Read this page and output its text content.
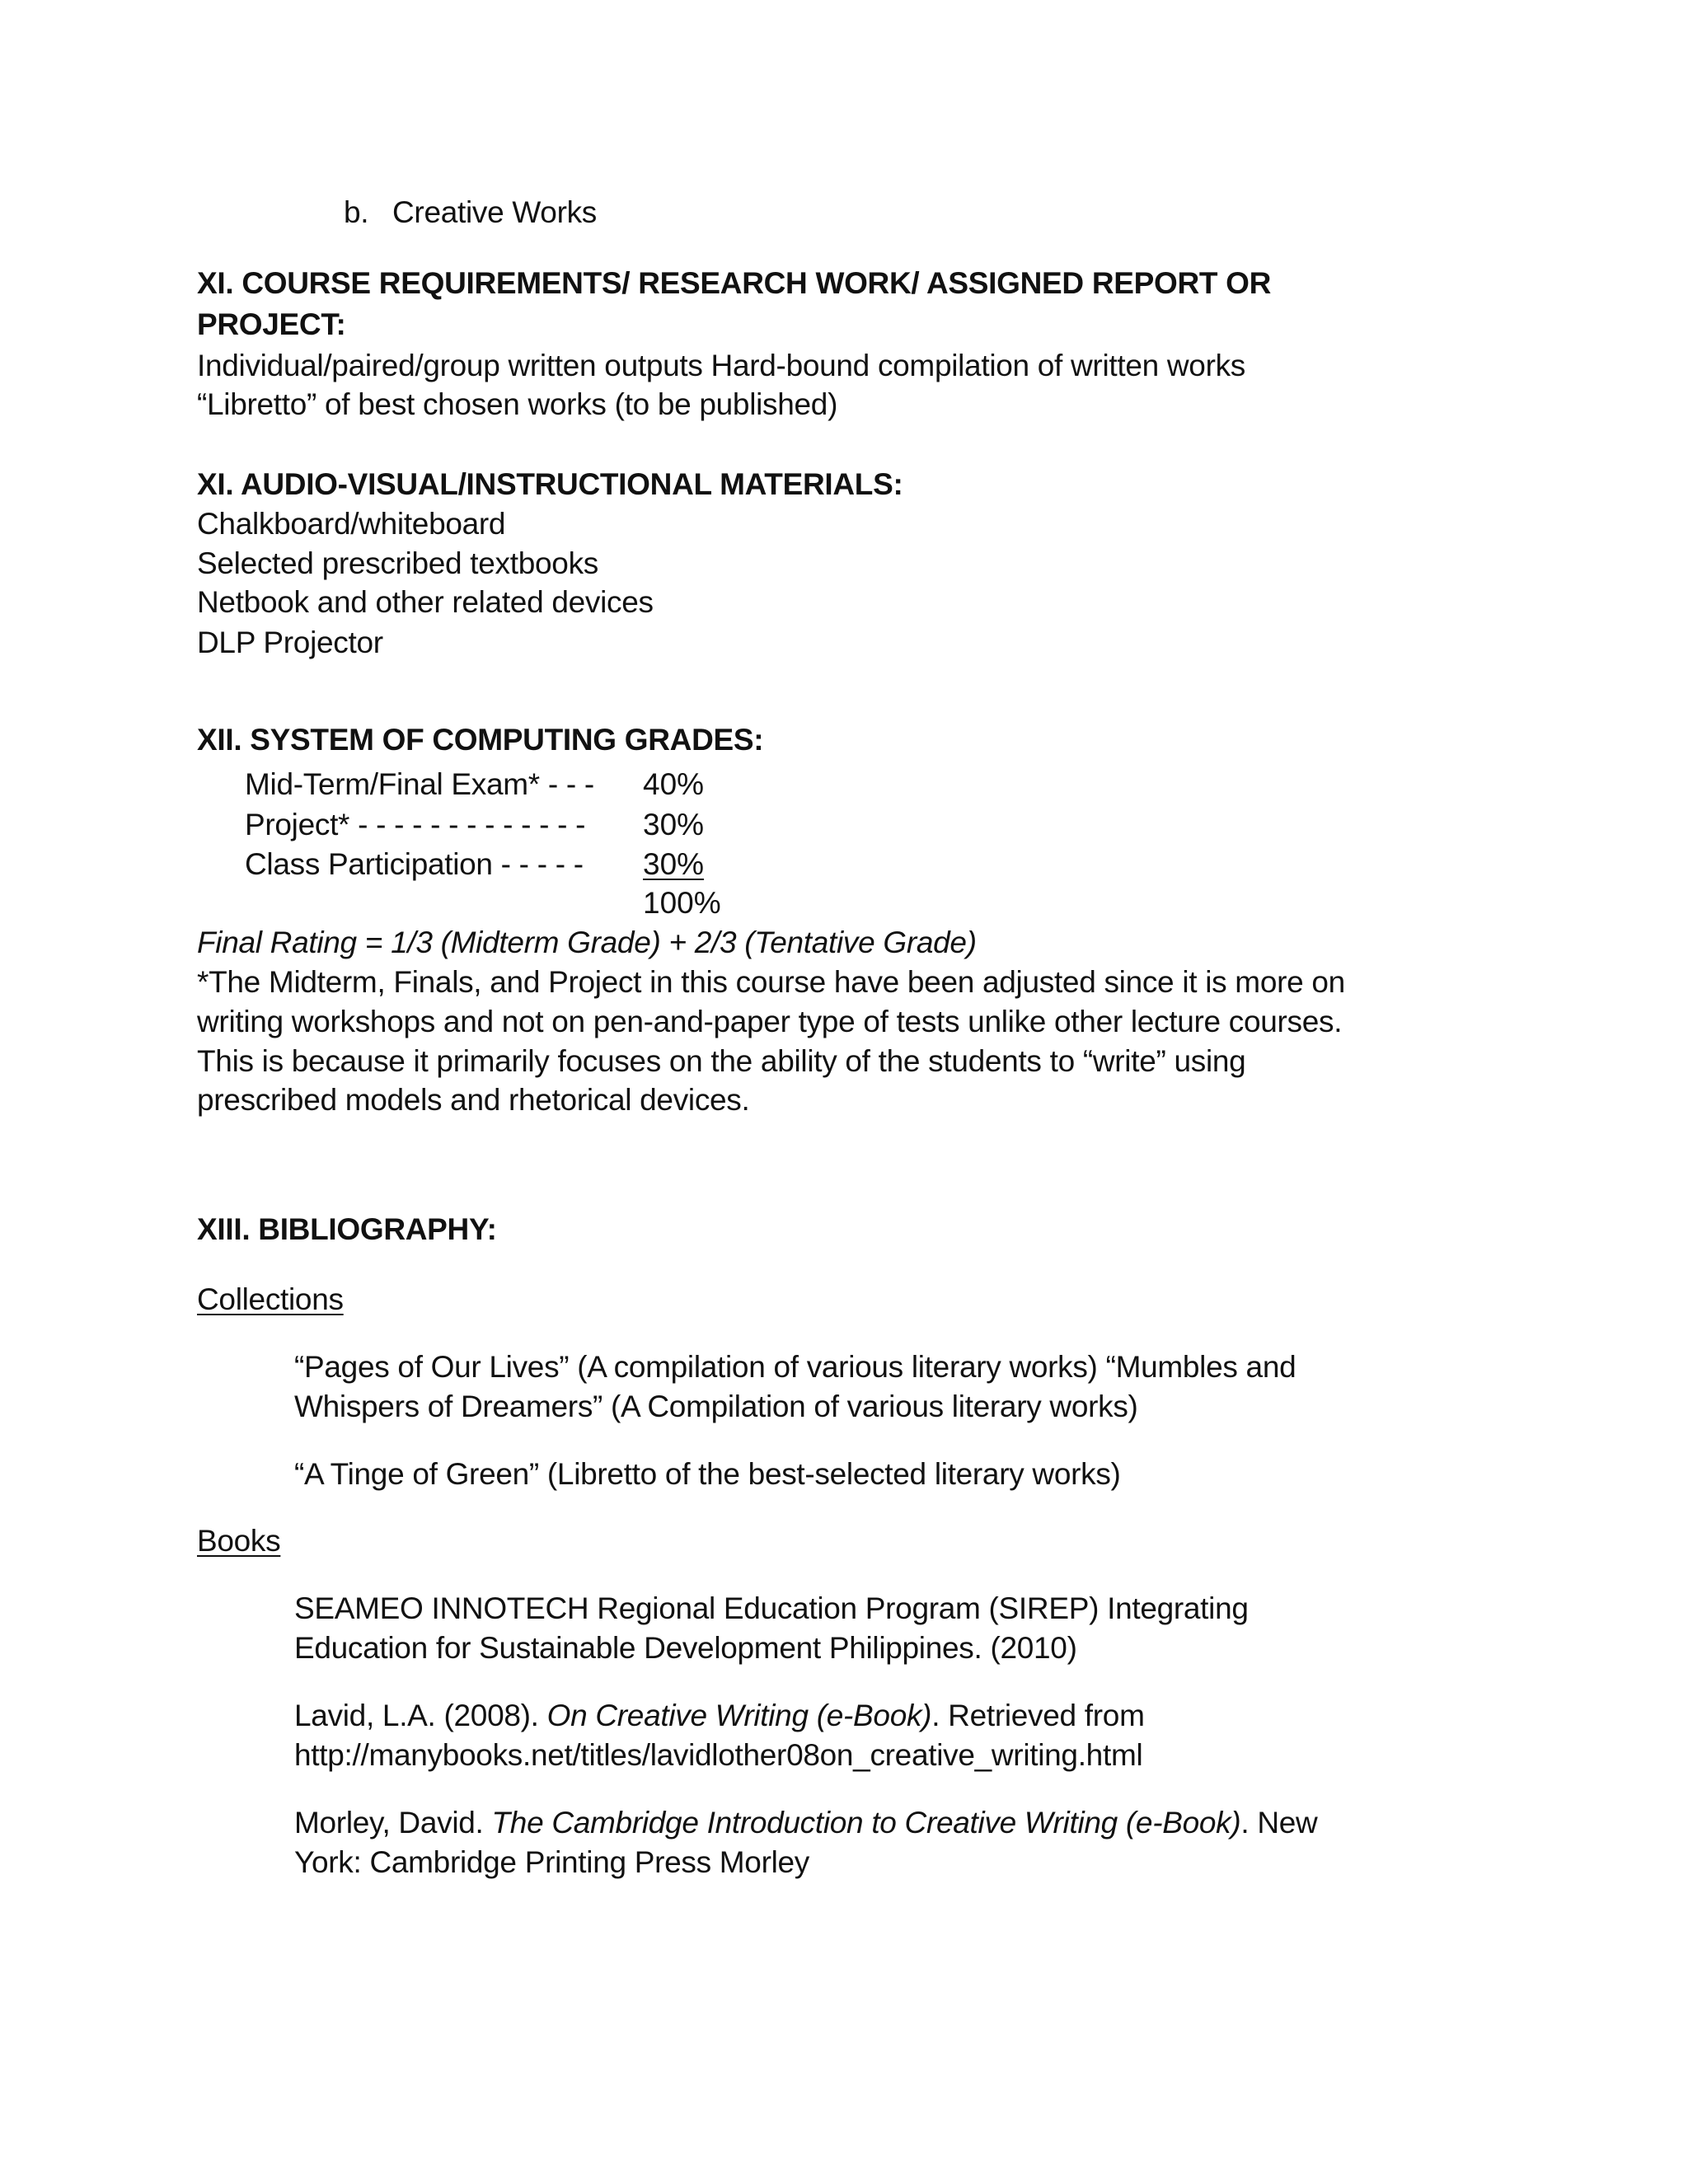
b. Creative Works
XI. COURSE REQUIREMENTS/ RESEARCH WORK/ ASSIGNED REPORT OR
PROJECT:
Individual/paired/group written outputs Hard-bound compilation of written works
“Libretto” of best chosen works (to be published)
XI. AUDIO-VISUAL/INSTRUCTIONAL MATERIALS:
Chalkboard/whiteboard
Selected prescribed textbooks
Netbook and other related devices
DLP Projector
XII. SYSTEM OF COMPUTING GRADES:
Mid-Term/Final Exam* - - - 40%
Project* - - - - - - - - - - - - - 30%
Class Participation - - - - - 30%
100%
Final Rating = 1/3 (Midterm Grade) + 2/3 (Tentative Grade)
*The Midterm, Finals, and Project in this course have been adjusted since it is more on
writing workshops and not on pen-and-paper type of tests unlike other lecture courses.
This is because it primarily focuses on the ability of the students to “write” using
prescribed models and rhetorical devices.
XIII. BIBLIOGRAPHY:
Collections
“Pages of Our Lives” (A compilation of various literary works) “Mumbles and
Whispers of Dreamers” (A Compilation of various literary works)
“A Tinge of Green” (Libretto of the best-selected literary works)
Books
SEAMEO INNOTECH Regional Education Program (SIREP) Integrating
Education for Sustainable Development Philippines. (2010)
Lavid, L.A. (2008). On Creative Writing (e-Book). Retrieved from
http://manybooks.net/titles/lavidlother08on_creative_writing.html
Morley, David. The Cambridge Introduction to Creative Writing (e-Book). New
York: Cambridge Printing Press Morley
